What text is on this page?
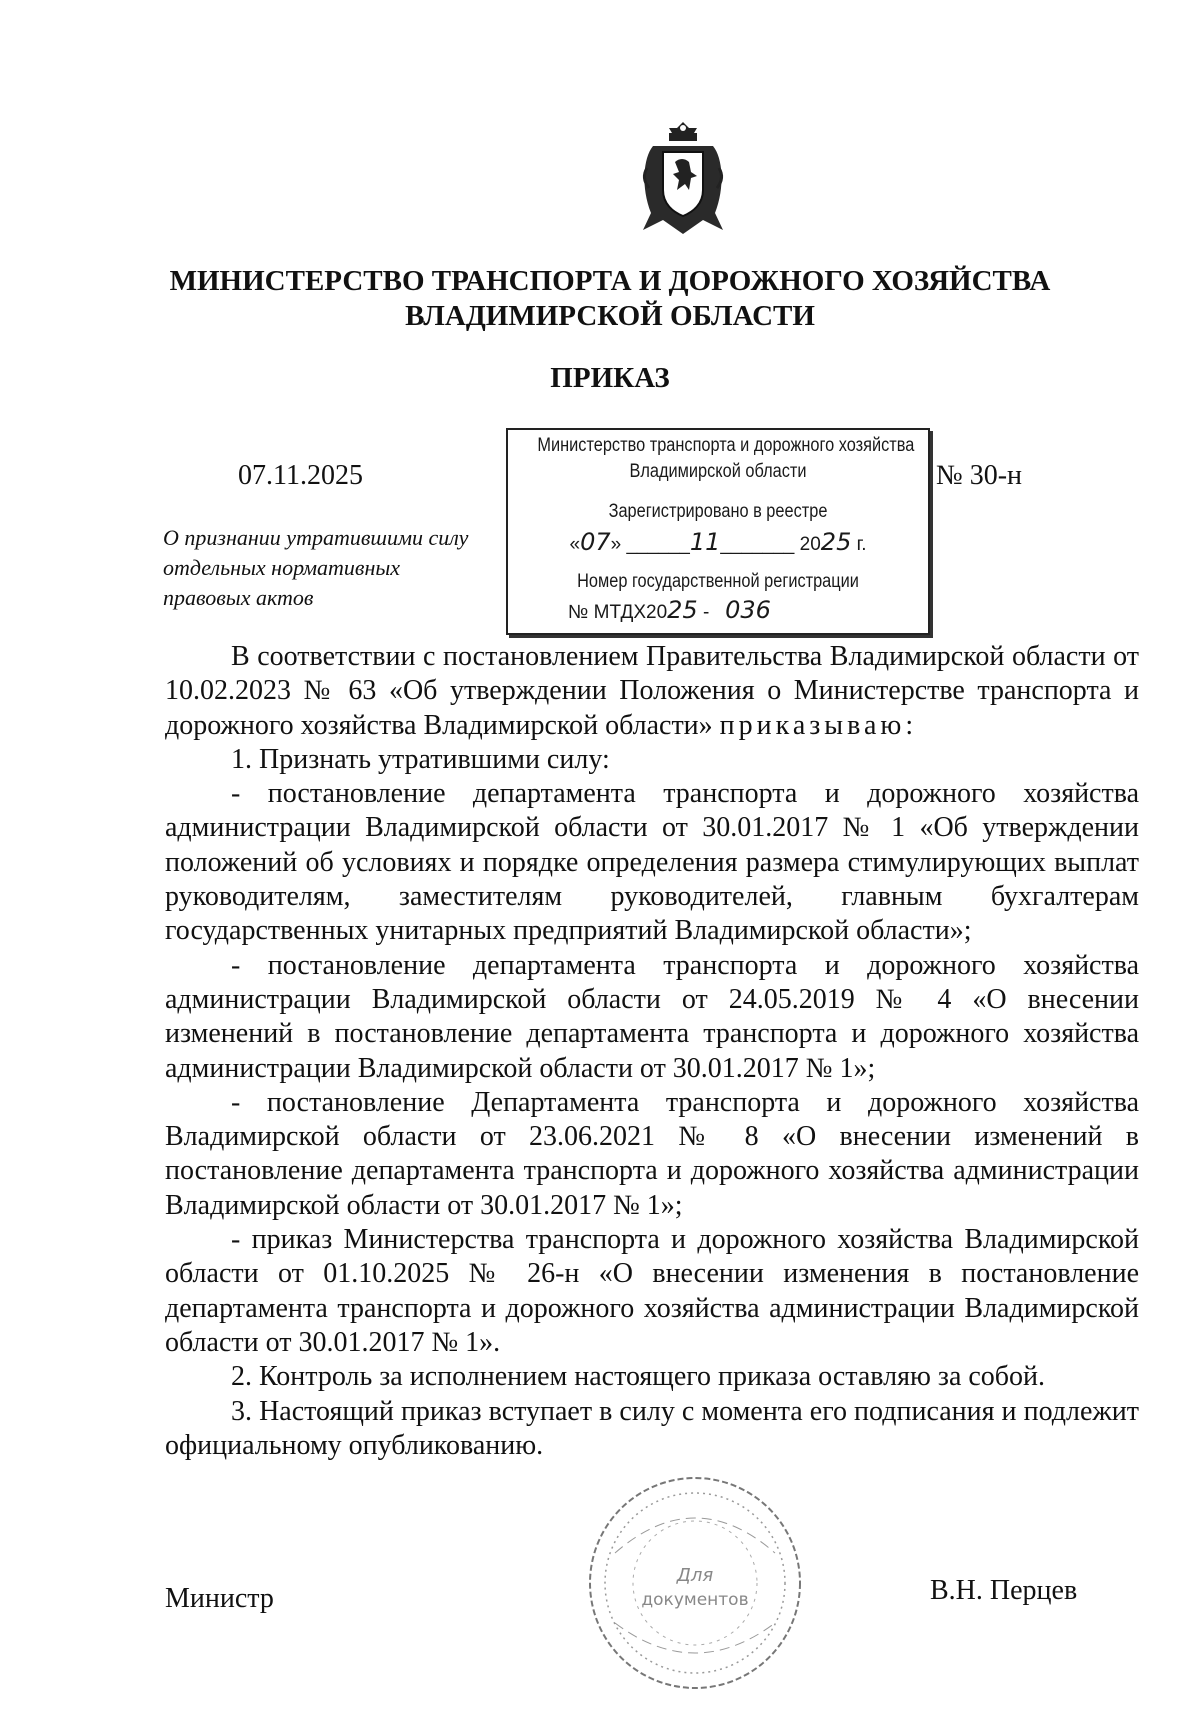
МИНИСТЕРСТВО ТРАНСПОРТА И ДОРОЖНОГО ХОЗЯЙСТВА
ВЛАДИМИРСКОЙ ОБЛАСТИ
ПРИКАЗ
07.11.2025	№ 30-н
О признании утратившими силу
отдельных нормативных
правовых актов
Министерство транспорта и дорожного хозяйства
Владимирской области
Зарегистрировано в реестре
«07» ______11_______ 2025 г.
Номер государственной регистрации
№ МТДХ2025 -   036

В соответствии с постановлением Правительства Владимирской области от 10.02.2023 № 63 «Об утверждении Положения о Министерстве транспорта и дорожного хозяйства Владимирской области» приказываю:

1. Признать утратившими силу:

- постановление департамента транспорта и дорожного хозяйства администрации Владимирской области от 30.01.2017 № 1 «Об утверждении положений об условиях и порядке определения размера стимулирующих выплат руководителям, заместителям руководителей, главным бухгалтерам государственных унитарных предприятий Владимирской области»;

- постановление департамента транспорта и дорожного хозяйства администрации Владимирской области от 24.05.2019 № 4 «О внесении изменений в постановление департамента транспорта и дорожного хозяйства администрации Владимирской области от 30.01.2017 № 1»;

- постановление Департамента транспорта и дорожного хозяйства Владимирской области от 23.06.2021 № 8 «О внесении изменений в постановление департамента транспорта и дорожного хозяйства администрации Владимирской области от 30.01.2017 № 1»;

- приказ Министерства транспорта и дорожного хозяйства Владимирской области от 01.10.2025 № 26-н «О внесении изменения в постановление департамента транспорта и дорожного хозяйства администрации Владимирской области от 30.01.2017 № 1».

2. Контроль за исполнением настоящего приказа оставляю за собой.

3. Настоящий приказ вступает в силу с момента его подписания и подлежит официальному опубликованию.

Министр
Для
документов	В.Н. Перцев
